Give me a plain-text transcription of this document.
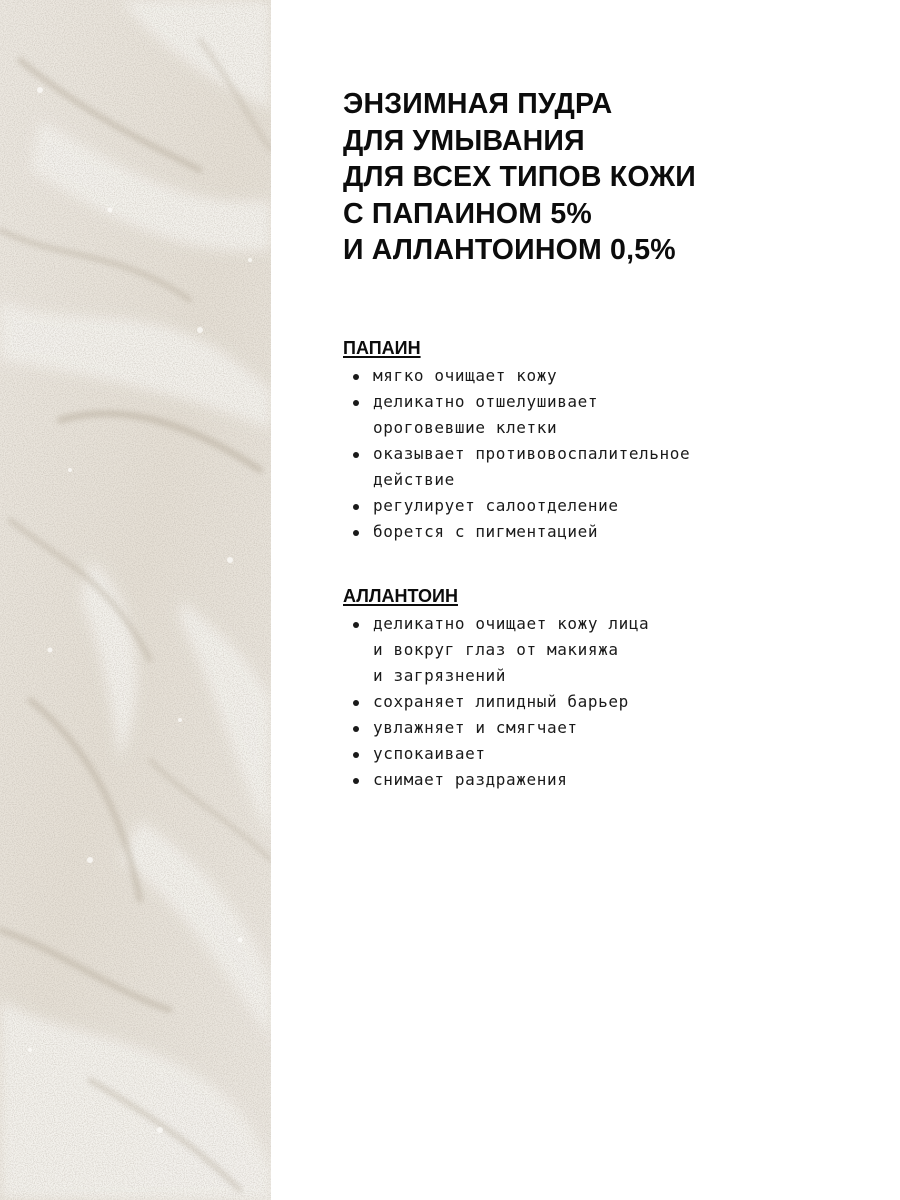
ЭНЗИМНАЯ ПУДРА
ДЛЯ УМЫВАНИЯ
ДЛЯ ВСЕХ ТИПОВ КОЖИ
С ПАПАИНОМ 5%
И АЛЛАНТОИНОМ 0,5%
ПАПАИН
мягко очищает кожу
деликатно отшелушивает
ороговевшие клетки
оказывает противовоспалительное
действие
регулирует салоотделение
борется с пигментацией
АЛЛАНТОИН
деликатно очищает кожу лица
и вокруг глаз от макияжа
и загрязнений
сохраняет липидный барьер
увлажняет и смягчает
успокаивает
снимает раздражения
